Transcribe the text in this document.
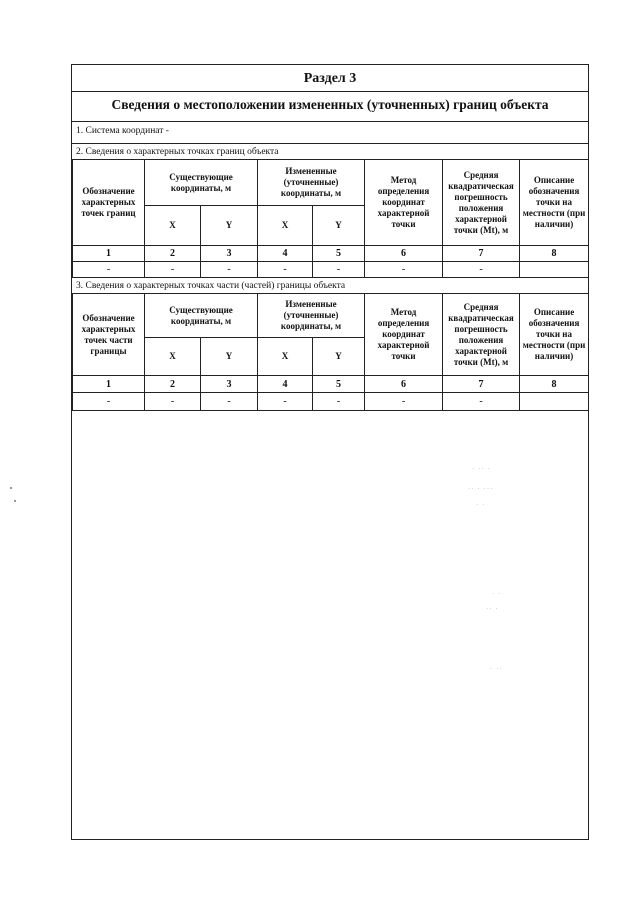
Раздел 3
Сведения о местоположении измененных (уточненных) границ объекта
1. Система координат -
2. Сведения о характерных точках границ объекта
Обозначение характерных точек границ	Существующие координаты, м		Измененные (уточненные) координаты, м		Метод определения координат характерной точки	Средняя квадратическая погрешность положения характерной точки (Mt), м	Описание обозначения точки на местности (при наличии)
	X	Y	X	Y			
1	2	3	4	5	6	7	8
-	-	-	-	-	-	-	
3. Сведения о характерных точках части (частей) границы объекта
Обозначение характерных точек части границы	Существующие координаты, м		Измененные (уточненные) координаты, м		Метод определения координат характерной точки	Средняя квадратическая погрешность положения характерной точки (Mt), м	Описание обозначения точки на местности (при наличии)
	X	Y	X	Y			
1	2	3	4	5	6	7	8
-	-	-	-	-	-	-	
· ·· ·
·· · ···
· ·
· ·
·· ·
· ··
